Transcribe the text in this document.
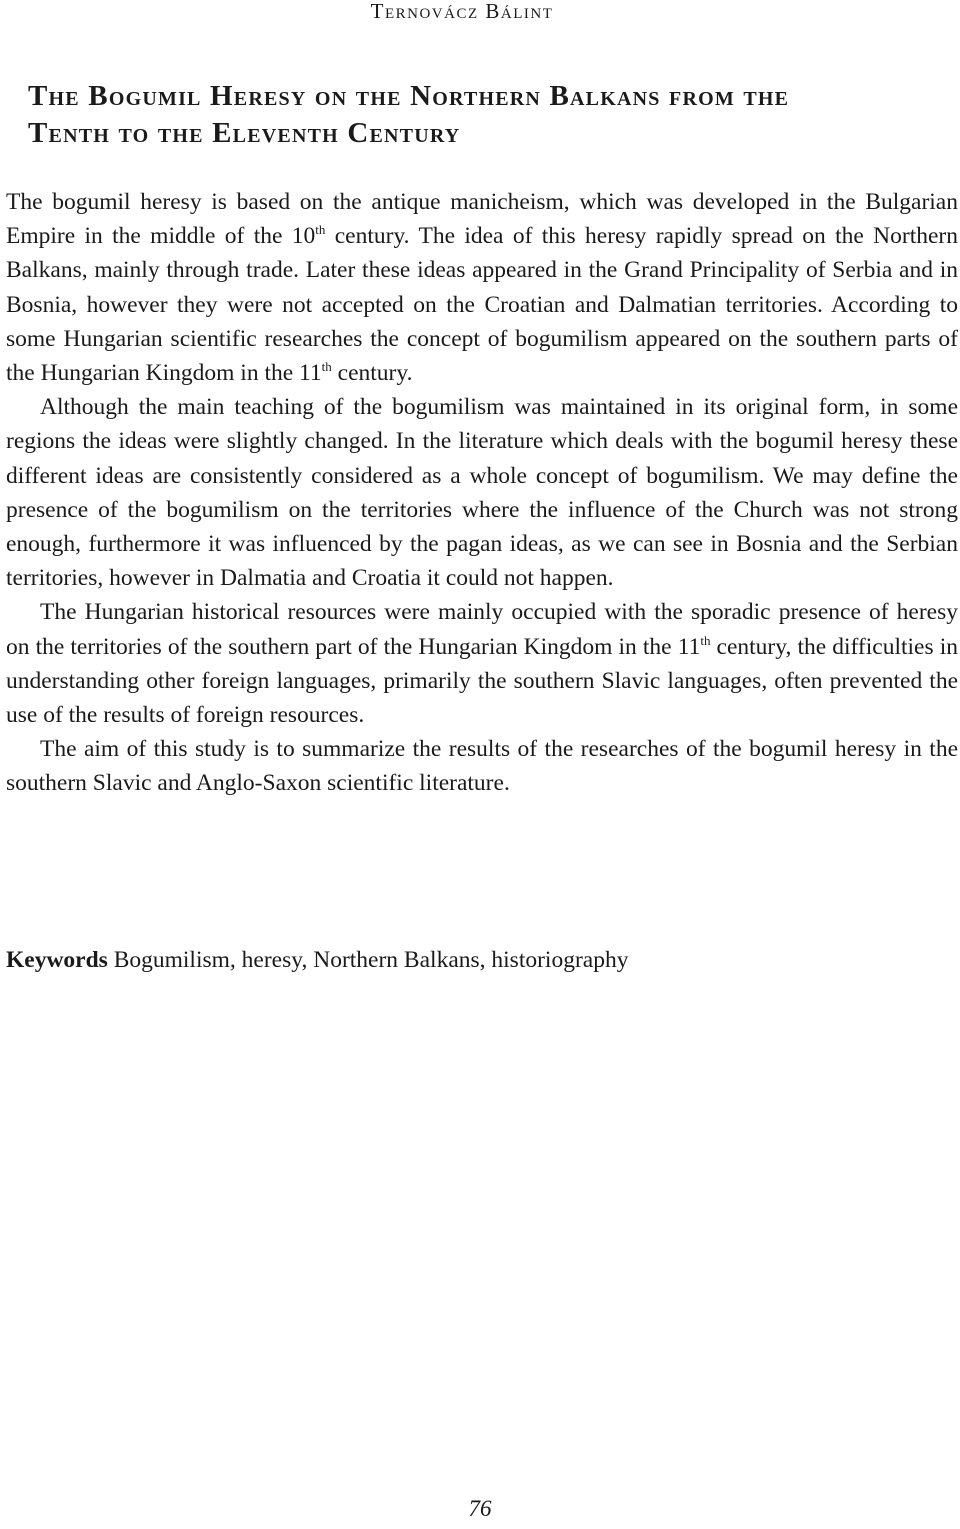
Ternovácz Bálint
The Bogumil Heresy on the Northern Balkans from the
Tenth to the Eleventh Century

The bogumil heresy is based on the antique manicheism, which was developed in the Bulgarian Empire in the middle of the 10th century. The idea of this heresy rapidly spread on the Northern Balkans, mainly through trade. Later these ideas appeared in the Grand Principality of Serbia and in Bosnia, however they were not accepted on the Croatian and Dalmatian territories. According to some Hungarian scientific researches the concept of bogumilism appeared on the southern parts of the Hungarian Kingdom in the 11th century.

Although the main teaching of the bogumilism was maintained in its original form, in some regions the ideas were slightly changed. In the literature which deals with the bogumil heresy these different ideas are consistently considered as a whole concept of bogumilism. We may define the presence of the bogumilism on the territories where the influence of the Church was not strong enough, furthermore it was influenced by the pagan ideas, as we can see in Bosnia and the Serbian territories, however in Dalmatia and Croatia it could not happen.

The Hungarian historical resources were mainly occupied with the sporadic presence of heresy on the territories of the southern part of the Hungarian Kingdom in the 11th century, the difficulties in understanding other foreign languages, primarily the southern Slavic languages, often prevented the use of the results of foreign resources.

The aim of this study is to summarize the results of the researches of the bogumil heresy in the southern Slavic and Anglo-Saxon scientific literature.

Keywords Bogumilism, heresy, Northern Balkans, historiography
76
